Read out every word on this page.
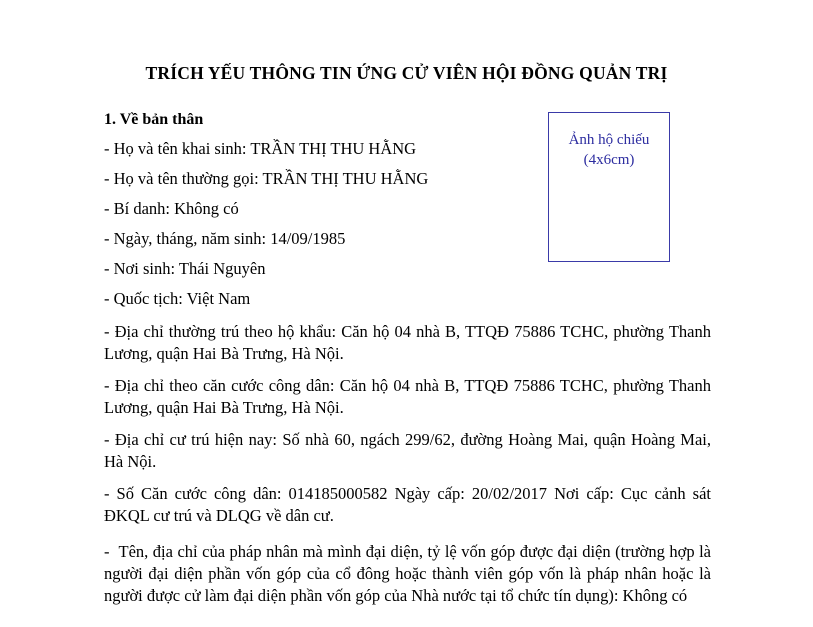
TRÍCH YẾU THÔNG TIN ỨNG CỬ VIÊN HỘI ĐỒNG QUẢN TRỊ
1. Về bản thân
- Họ và tên khai sinh: TRẦN THỊ THU HẰNG
- Họ và tên thường gọi: TRẦN THỊ THU HẰNG
- Bí danh: Không có
- Ngày, tháng, năm sinh: 14/09/1985
- Nơi sinh: Thái Nguyên
- Quốc tịch: Việt Nam
- Địa chỉ thường trú theo hộ khẩu: Căn hộ 04 nhà B, TTQĐ 75886 TCHC, phường Thanh Lương, quận Hai Bà Trưng, Hà Nội.
- Địa chỉ theo căn cước công dân: Căn hộ 04 nhà B, TTQĐ 75886 TCHC, phường Thanh Lương, quận Hai Bà Trưng, Hà Nội.
- Địa chỉ cư trú hiện nay: Số nhà 60, ngách 299/62, đường Hoàng Mai, quận Hoàng Mai, Hà Nội.
- Số Căn cước công dân: 014185000582 Ngày cấp: 20/02/2017 Nơi cấp: Cục cảnh sát ĐKQL cư trú và DLQG về dân cư.
- Tên, địa chỉ của pháp nhân mà mình đại diện, tỷ lệ vốn góp được đại diện (trường hợp là người đại diện phần vốn góp của cổ đông hoặc thành viên góp vốn là pháp nhân hoặc là người được cử làm đại diện phần vốn góp của Nhà nước tại tổ chức tín dụng): Không có
Ảnh hộ chiếu
(4x6cm)
